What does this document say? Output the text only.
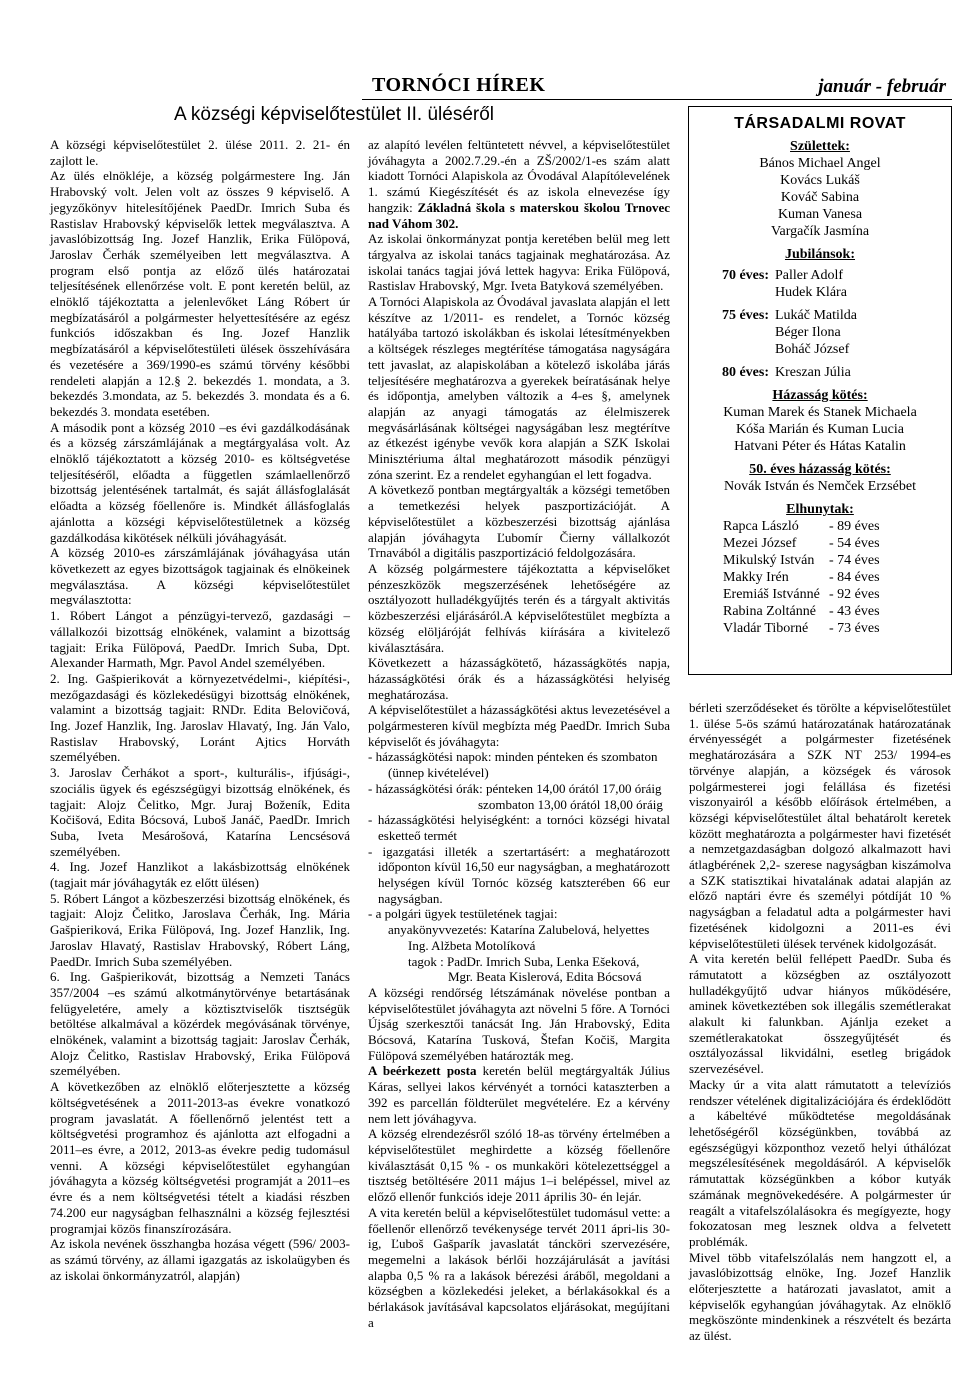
TORNÓCI HÍREK	január - február
A községi képviselőtestület II. üléséről

A községi képviselőtestület 2. ülése 2011. 2. 21- én zajlott le.

Az ülés elnökléje, a község polgármestere Ing. Ján Hrabovský volt. Jelen volt az összes 9 képviselő. A jegyzőkönyv hitelesítőjének PaedDr. Imrich Suba és Rastislav Hrabovský képviselők lettek megválasztva. A javaslóbizottság Ing. Jozef Hanzlik, Erika Fülöpová, Jaroslav Čerhák személyeiben lett megválasztva. A program első pontja az előző ülés határozatai teljesítésének ellenőrzése volt. E pont keretén belül, az elnöklő tájékoztatta a jelenlevőket Láng Róbert úr megbízatásáról a polgármester helyettesítésére az egész funkciós időszakban és Ing. Jozef Hanzlik megbízatásáról a képviselőtestületi ülések összehívására és vezetésére a 369/1990-es számú törvény későbbi rendeleti alapján a 12.§ 2. bekezdés 1. mondata, a 3. bekezdés 3.mondata, az 5. bekezdés 3. mondata és a 6. bekezdés 3. mondata esetében.

A második pont a község 2010 –es évi gazdálkodásának és a község zárszámlájának a megtárgyalása volt. Az elnöklő tájékoztatott a község 2010- es költségvetése teljesítéséről, előadta a független számlaellenőrző bizottság jelentésének tartalmát, és saját állásfoglalását előadta a község főellenőre is. Mindkét állásfoglalás ajánlotta a községi képviselőtestületnek a község gazdálkodása kikötések nélküli jóváhagyását.

A község 2010-es zárszámlájának jóváhagyása után következett az egyes bizottságok tagjainak és elnökeinek megválasztása. A községi képviselőtestület megválasztotta:

1. Róbert Lángot a pénzügyi-tervező, gazdasági – vállalkozói bizottság elnökének, valamint a bizottság tagjait: Erika Fülöpová, PaedDr. Imrich Suba, Dpt. Alexander Harmath, Mgr. Pavol Andel személyében.

2. Ing. Gašpierikovát a környezetvédelmi-, kiépítési-, mezőgazdasági és közlekedésügyi bizottság elnökének, valamint a bizottság tagjait: RNDr. Edita Belovičová, Ing. Jozef Hanzlik, Ing. Jaroslav Hlavatý, Ing. Ján Valo, Rastislav Hrabovský, Loránt Ajtics Horváth személyében.

3. Jaroslav Čerhákot a sport-, kulturális-, ifjúsági-, szociális ügyek és egészségügyi bizottság elnökének, és tagjait: Alojz Čelitko, Mgr. Juraj Boženík, Edita Kočišová, Edita Bócsová, Luboš Janáč, PaedDr. Imrich Suba, Iveta Mesárošová, Katarína Lencsésová személyében.

4. Ing. Jozef Hanzlikot a lakásbizottság elnökének (tagjait már jóváhagyták ez előtt ülésen)

5. Róbert Lángot a közbeszerzési bizottság elnökének, és tagjait: Alojz Čelitko, Jaroslava Čerhák, Ing. Mária Gašpieriková, Erika Fülöpová, Ing. Jozef Hanzlik, Ing. Jaroslav Hlavatý, Rastislav Hrabovský, Róbert Láng, PaedDr. Imrich Suba személyében.

6. Ing. Gašpierikovát, bizottság a Nemzeti Tanács 357/2004 –es számú alkotmánytörvénye betartásának felügyeletére, amely a köztisztviselők tisztségük betöltése alkalmával a közérdek megóvásának törvénye, elnökének, valamint a bizottság tagjait: Jaroslav Čerhák, Alojz Čelitko, Rastislav Hrabovský, Erika Fülöpová személyében.

A következőben az elnöklő előterjesztette a község költségvetésének a 2011-2013-as évekre vonatkozó program javaslatát. A főellenőrnő jelentést tett a költségvetési programhoz és ajánlotta azt elfogadni a 2011–es évre, a 2012, 2013-as évekre pedig tudomásul venni. A községi képviselőtestület egyhangúan jóváhagyta a község költségvetési programját a 2011–es évre és a nem költségvetési tételt a kiadási részben 74.200 eur nagyságban felhasználni a község fejlesztési programjai közös finanszírozására.

Az iskola nevének összhangba hozása végett (596/ 2003-as számú törvény, az állami igazgatás az iskolaügyben és az iskolai önkormányzatról, alapján)

az alapító levélen feltüntetett névvel, a képviselőtestület jóváhagyta a 2002.7.29.-én a ZŠ/2002/1-es szám alatt kiadott Tornóci Alapiskola az Óvodával Alapítólevelének 1. számú Kiegészítését és az iskola elnevezése így hangzik: Základná škola s materskou školou Trnovec nad Váhom 302.

Az iskolai önkormányzat pontja keretében belül meg lett tárgyalva az iskolai tanács tagjainak meghatározása. Az iskolai tanács tagjai jóvá lettek hagyva: Erika Fülöpová, Rastislav Hrabovský, Mgr. Iveta Batyková személyében.

A Tornóci Alapiskola az Óvodával javaslata alapján el lett készítve az 1/2011- es rendelet, a Tornóc község hatályába tartozó iskolákban és iskolai létesítményekben a költségek részleges megtérítése támogatása nagyságára tett javaslat, az alapiskolában a kötelező iskolába járás teljesítésére meghatározva a gyerekek beíratásának helye és időpontja, amelyben változik a 4-es §, amelynek alapján az anyagi támogatás az élelmiszerek megvásárlásának költségei nagyságában lesz megtérítve az étkezést igénybe vevők kora alapján a SZK Iskolai Minisztériuma által meghatározott második pénzügyi zóna szerint. Ez a rendelet egyhangúan el lett fogadva.

A következő pontban megtárgyalták a községi temetőben a temetkezési helyek paszportizációját. A képviselőtestület a közbeszerzési bizottság ajánlása alapján jóváhagyta Ľubomír Čierny vállalkozót Trnavából a digitális paszportizáció feldolgozására.

A község polgármestere tájékoztatta a képviselőket pénzeszközök megszerzésének lehetőségére az osztályozott hulladékgyűjtés terén és a tárgyalt aktivitás közbeszerzési eljárásáról.A képviselőtestület megbízta a község elöljáróját felhívás kiírására a kivitelező kiválasztására.

Következett a házasságkötető, házasságkötés napja, házasságkötési órák és a házasságkötési helyiség meghatározása.

A képviselőtestület a házasságkötési aktus levezetésével a polgármesteren kívül megbízta még PaedDr. Imrich Suba képviselőt és jóváhagyta:

- házasságkötési napok: minden pénteken és szombaton

(ünnep kivételével)

- házasságkötési órák: pénteken 14,00 órától 17,00 óráig

szombaton 13,00 órától 18,00 óráig

- házasságkötési helyiségként: a tornóci községi hivatal esketteő termét

- igazgatási illeték a szertartásért: a meghatározott időponton kívül 16,50 eur nagyságban, a meghatározott helységen kívül Tornóc község katszterében 66 eur nagyságban.

- a polgári ügyek testületének tagjai:

anyakönyvvezetés: Katarína Zalubelová, helyettes

Ing. Alžbeta Motolíková

tagok : PadDr. Imrich Suba, Lenka Ešeková,

Mgr. Beata Kislerová, Edita Bócsová

A községi rendőrség létszámának növelése pontban a képviselőtestület jóváhagyta azt növelni 5 főre. A Tornóci Újság szerkesztői tanácsát Ing. Ján Hrabovský, Edita Bócsová, Katarína Tusková, Štefan Kočiš, Margita Fülöpová személyében határozták meg.

A beérkezett posta keretén belül megtárgyalták Július Káras, sellyei lakos kérvényét a tornóci kataszterben a 392 es parcellán földterület megvételére. Ez a kérvény nem lett jóváhagyva.

A község elrendezésről szóló 18-as törvény értelmében a képviselőtestület meghirdette a község főellenőre kiválasztását 0,15 % - os munkaköri kötelezettséggel a tisztség betöltésére 2011 május 1–i belépéssel, mivel az előző ellenőr funkciós ideje 2011 április 30- én lejár.

A vita keretén belül a képviselőtestület tudomásul vette: a főellenőr ellenőrző tevékenysége tervét 2011 ápri-lis 30-ig, Ľuboš Gašparík javaslatát táncköri szervezésére, megemelni a lakások bérlői hozzájárulását a javítási alapba 0,5 % ra a lakások bérezési áráből, megoldani a községben a közlekedési jeleket, a bérlakásokkal és a bérlakások javításával kapcsolatos eljárásokat, megújítani a

TÁRSADALMI ROVAT
Születtek:
Bános Michael Angel
Kovács Lukáš
Kováč Sabina
Kuman Vanesa
Vargačík Jasmína
Jubilánsok:
70 éves: Paller Adolf
Hudek Klára
75 éves: Lukáč Matilda
Béger Ilona
Boháč József
80 éves: Kreszan Júlia
Házasság kötés:
Kuman Marek és Stanek Michaela
Kóša Marián és Kuman Lucia
Hatvani Péter és Hátas Katalin
50. éves házasság kötés:
Novák István és Nemček Erzsébet
Elhunytak:
Rapca László	- 89 éves
Mezei József	- 54 éves
Mikulský István	- 74 éves
Makky Irén	- 84 éves
Eremiáš Istvánné - 92 éves
Rabina Zoltánné - 43 éves
Vladár Tiborné	- 73 éves

bérleti szerződéseket és törölte a képviselőtestület 1. ülése 5-ös számú határozatának határozatának érvényességét a polgármester fizetésének meghatározására a SZK NT 253/ 1994-es törvénye alapján, a községek és városok polgármesterei jogi felállása és fizetési viszonyairól a később előírások értelmében, a községi képviselőtestület által behatárolt keretek között meghatározta a polgármester havi fizetését a nemzetgazdaságban dolgozó alkalmazott havi átlagbérének 2,2- szerese nagyságban kiszámolva a SZK statisztikai hivatalának adatai alapján az előző naptári évre és személyi pótdíját 10 % nagyságban a feladatul adta a polgármester havi fizetésének kidolgozni a 2011-es évi képviselőtestületi ülések tervének kidolgozását.

A vita keretén belül fellépett PaedDr. Suba és rámutatott a községben az osztályozott hulladékgyűjtő udvar hiányos működésére, aminek következtében sok illegális szemétlerakat alakult ki falunkban. Ajánlja ezeket a szemétlerakatokat összegyűjtését és osztályozással likvidálni, esetleg brigádok szervezésével.

Macky úr a vita alatt rámutatott a televíziós rendszer vételének digitalizációjára és érdeklődött a kábeltévé működtetése megoldásának lehetőségéről községünkben, továbbá az egészségügyi központhoz vezető helyi úthálózat megszélesítésének megoldásáról. A képviselők rámutattak községünkben a kóbor kutyák számának megnövekedésére. A polgármester úr reagált a vitafelszólalásokra és megígyezte, hogy fokozatosan meg lesznek oldva a felvetett problémák.

Mivel több vitafelszólalás nem hangzott el, a javaslóbizottság elnöke, Ing. Jozef Hanzlik előterjesztette a határozati javaslatot, amit a képviselők egyhangúan jóváhagytak. Az elnöklő megköszönte mindenkinek a részvételt és bezárta az ülést.
